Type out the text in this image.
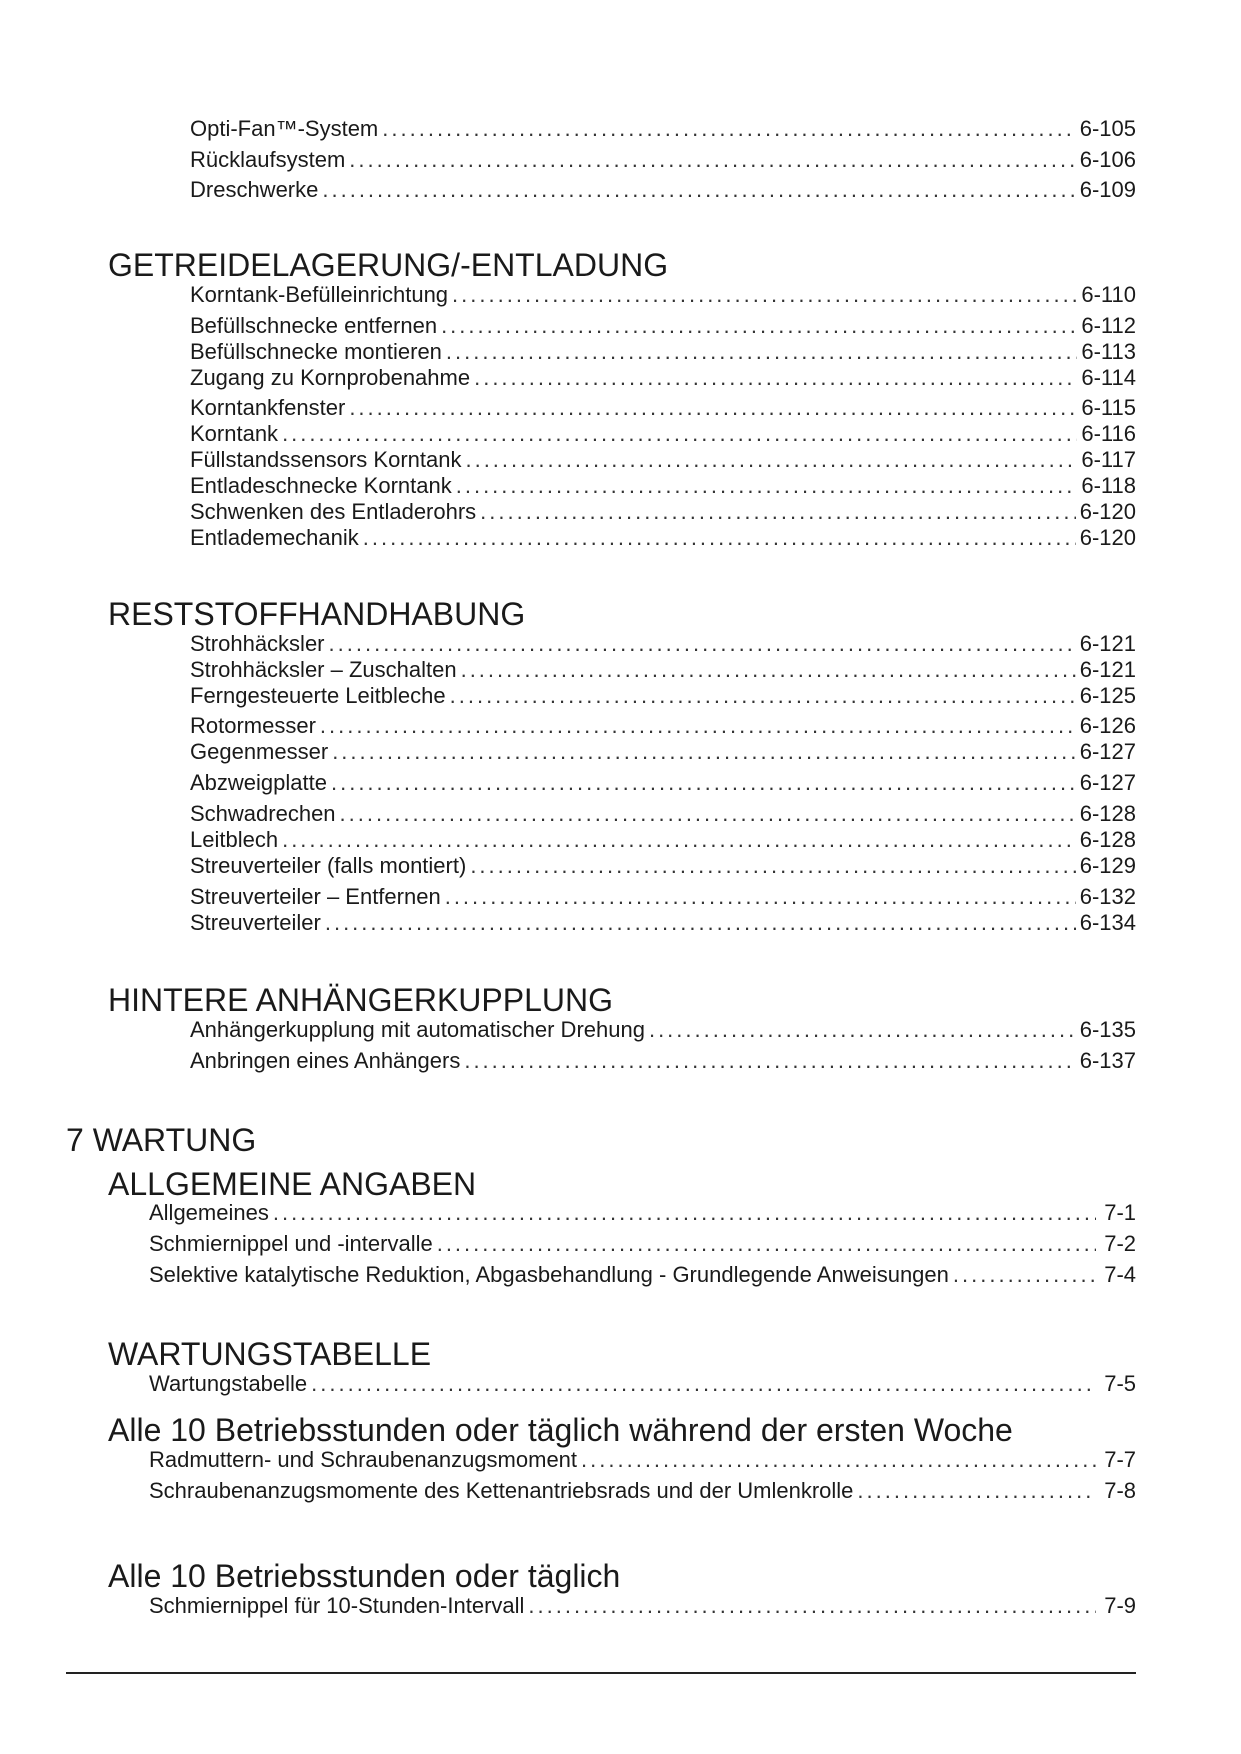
Opti-Fan™-System .....	6-105
Rücklaufsystem .....	6-106
Dreschwerke .....	6-109
GETREIDELAGERUNG/-ENTLADUNG
Korntank-Befülleinrichtung .....	6-110
Befüllschnecke entfernen .....	6-112
Befüllschnecke montieren .....	6-113
Zugang zu Kornprobenahme .....	6-114
Korntankfenster .....	6-115
Korntank .....	6-116
Füllstandssensors Korntank .....	6-117
Entladeschnecke Korntank .....	6-118
Schwenken des Entladerohrs .....	6-120
Entlademechanik .....	6-120
RESTSTOFFHANDHABUNG
Strohhäcksler .....	6-121
Strohhäcksler – Zuschalten .....	6-121
Ferngesteuerte Leitbleche .....	6-125
Rotormesser .....	6-126
Gegenmesser .....	6-127
Abzweigplatte .....	6-127
Schwadrechen .....	6-128
Leitblech .....	6-128
Streuverteiler (falls montiert) .....	6-129
Streuverteiler – Entfernen .....	6-132
Streuverteiler .....	6-134
HINTERE ANHÄNGERKUPPLUNG
Anhängerkupplung mit automatischer Drehung .....	6-135
Anbringen eines Anhängers .....	6-137
7 WARTUNG
ALLGEMEINE ANGABEN
Allgemeines .....	7-1
Schmiernippel und -intervalle .....	7-2
Selektive katalytische Reduktion, Abgasbehandlung - Grundlegende Anweisungen .....	7-4
WARTUNGSTABELLE
Wartungstabelle .....	7-5
Alle 10 Betriebsstunden oder täglich während der ersten Woche
Radmuttern- und Schraubenanzugsmoment .....	7-7
Schraubenanzugsmomente des Kettenantriebsrads und der Umlenkrolle .....	7-8
Alle 10 Betriebsstunden oder täglich
Schmiernippel für 10-Stunden-Intervall .....	7-9
